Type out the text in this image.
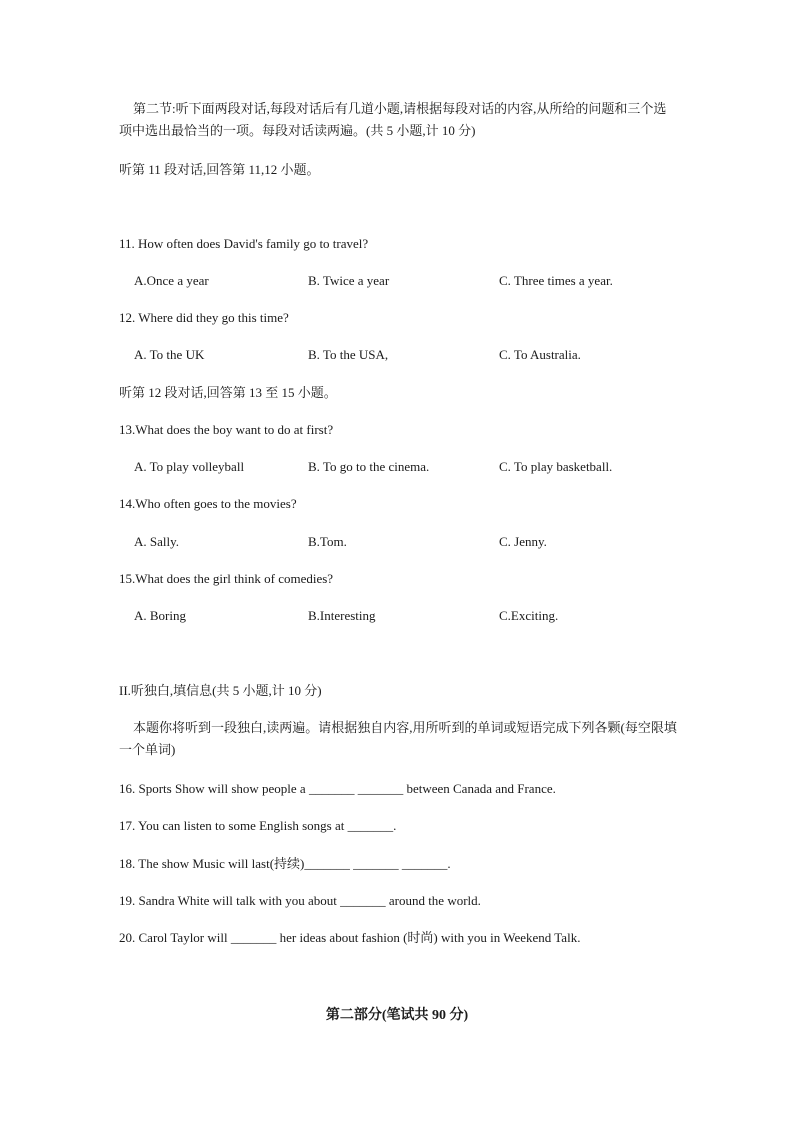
第二节:听下面两段对话,每段对话后有几道小题,请根据每段对话的内容,从所给的问题和三个选项中选出最恰当的一项。每段对话读两遍。(共 5 小题,计 10 分)
听第 11 段对话,回答第 11,12 小题。
11. How often does David's family go to travel?
A.Once a year	B. Twice a year	C. Three times a year.
12. Where did they go this time?
A. To the UK	B. To the USA,	C. To Australia.
听第 12 段对话,回答第 13 至 15 小题。
13.What does the boy want to do at first?
A. To play volleyball	B. To go to the cinema.	C. To play basketball.
14.Who often goes to the movies?
A. Sally.	B.Tom.	C. Jenny.
15.What does the girl think of comedies?
A. Boring	B.Interesting	C.Exciting.
II.听独白,填信息(共 5 小题,计 10 分)
本题你将听到一段独白,读两遍。请根据独自内容,用所听到的单词或短语完成下列各颗(每空限填一个单词)
16. Sports Show will show people a _______ _______ between Canada and France.
17. You can listen to some English songs at _______.
18. The show Music will last(持续)_______ _______ _______.
19. Sandra White will talk with you about _______ around the world.
20. Carol Taylor will _______ her ideas about fashion (时尚) with you in Weekend Talk.
第二部分(笔试共 90 分)
